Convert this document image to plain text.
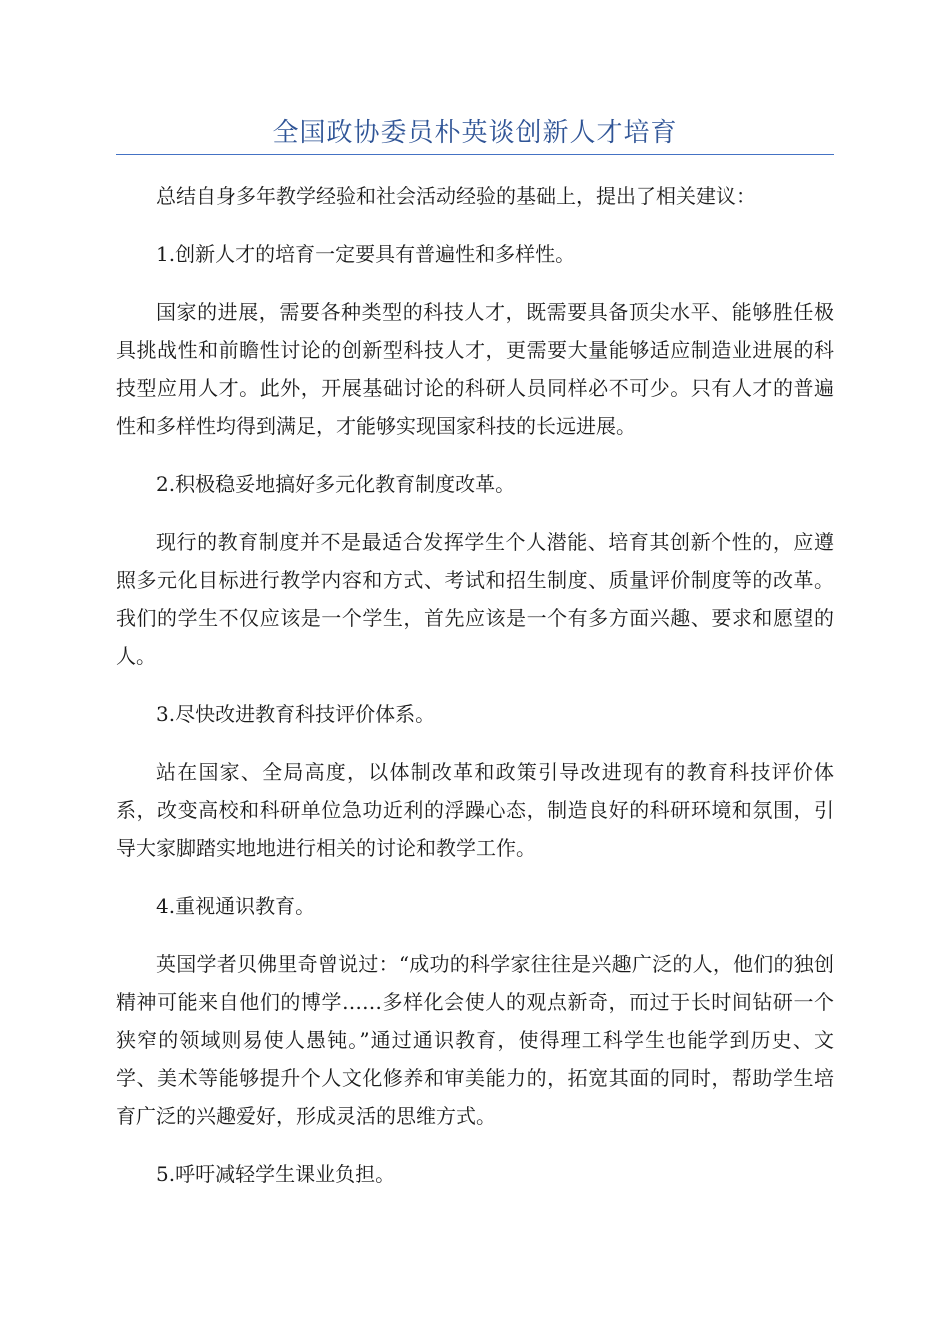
全国政协委员朴英谈创新人才培育

总结自身多年教学经验和社会活动经验的基础上，提出了相关建议：

1.创新人才的培育一定要具有普遍性和多样性。

国家的进展，需要各种类型的科技人才，既需要具备顶尖水平、能够胜任极具挑战性和前瞻性讨论的创新型科技人才，更需要大量能够适应制造业进展的科技型应用人才。此外，开展基础讨论的科研人员同样必不可少。只有人才的普遍性和多样性均得到满足，才能够实现国家科技的长远进展。

2.积极稳妥地搞好多元化教育制度改革。

现行的教育制度并不是最适合发挥学生个人潜能、培育其创新个性的，应遵照多元化目标进行教学内容和方式、考试和招生制度、质量评价制度等的改革。我们的学生不仅应该是一个学生，首先应该是一个有多方面兴趣、要求和愿望的人。

3.尽快改进教育科技评价体系。

站在国家、全局高度，以体制改革和政策引导改进现有的教育科技评价体系，改变高校和科研单位急功近利的浮躁心态，制造良好的科研环境和氛围，引导大家脚踏实地地进行相关的讨论和教学工作。

4.重视通识教育。

英国学者贝佛里奇曾说过：“成功的科学家往往是兴趣广泛的人，他们的独创精神可能来自他们的博学……多样化会使人的观点新奇，而过于长时间钻研一个狭窄的领域则易使人愚钝。”通过通识教育，使得理工科学生也能学到历史、文学、美术等能够提升个人文化修养和审美能力的，拓宽其面的同时，帮助学生培育广泛的兴趣爱好，形成灵活的思维方式。

5.呼吁减轻学生课业负担。
